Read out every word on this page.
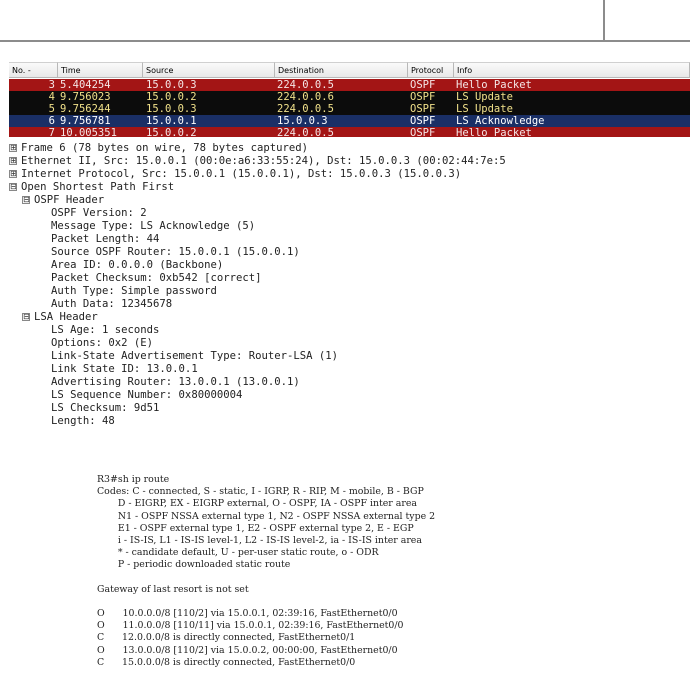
No. -	Time	Source	Destination	Protocol	Info
3 5.404254	15.0.0.3	224.0.0.5	OSPF	Hello Packet
4 9.756023	15.0.0.2	224.0.0.6	OSPF	LS Update
5 9.756244	15.0.0.3	224.0.0.5	OSPF	LS Update
6 9.756781	15.0.0.1	15.0.0.3	OSPF	LS Acknowledge
7 10.005351	15.0.0.2	224.0.0.5	OSPF	Hello Packet
⊞ Frame 6 (78 bytes on wire, 78 bytes captured)
⊞ Ethernet II, Src: 15.0.0.1 (00:0e:a6:33:55:24), Dst: 15.0.0.3 (00:02:44:7e:5
⊞ Internet Protocol, Src: 15.0.0.1 (15.0.0.1), Dst: 15.0.0.3 (15.0.0.3)
⊟ Open Shortest Path First
⊟ OSPF Header
OSPF Version: 2
Message Type: LS Acknowledge (5)
Packet Length: 44
Source OSPF Router: 15.0.0.1 (15.0.0.1)
Area ID: 0.0.0.0 (Backbone)
Packet Checksum: 0xb542 [correct]
Auth Type: Simple password
Auth Data: 12345678
⊟ LSA Header
LS Age: 1 seconds
Options: 0x2 (E)
Link-State Advertisement Type: Router-LSA (1)
Link State ID: 13.0.0.1
Advertising Router: 13.0.0.1 (13.0.0.1)
LS Sequence Number: 0x80000004
LS Checksum: 9d51
Length: 48
R3#sh ip route
Codes: C - connected, S - static, I - IGRP, R - RIP, M - mobile, B - BGP
D - EIGRP, EX - EIGRP external, O - OSPF, IA - OSPF inter area
N1 - OSPF NSSA external type 1, N2 - OSPF NSSA external type 2
E1 - OSPF external type 1, E2 - OSPF external type 2, E - EGP
i - IS-IS, L1 - IS-IS level-1, L2 - IS-IS level-2, ia - IS-IS inter area
* - candidate default, U - per-user static route, o - ODR
P - periodic downloaded static route
Gateway of last resort is not set
O      10.0.0.0/8 [110/2] via 15.0.0.1, 02:39:16, FastEthernet0/0
O      11.0.0.0/8 [110/11] via 15.0.0.1, 02:39:16, FastEthernet0/0
C      12.0.0.0/8 is directly connected, FastEthernet0/1
O      13.0.0.0/8 [110/2] via 15.0.0.2, 00:00:00, FastEthernet0/0
C      15.0.0.0/8 is directly connected, FastEthernet0/0
